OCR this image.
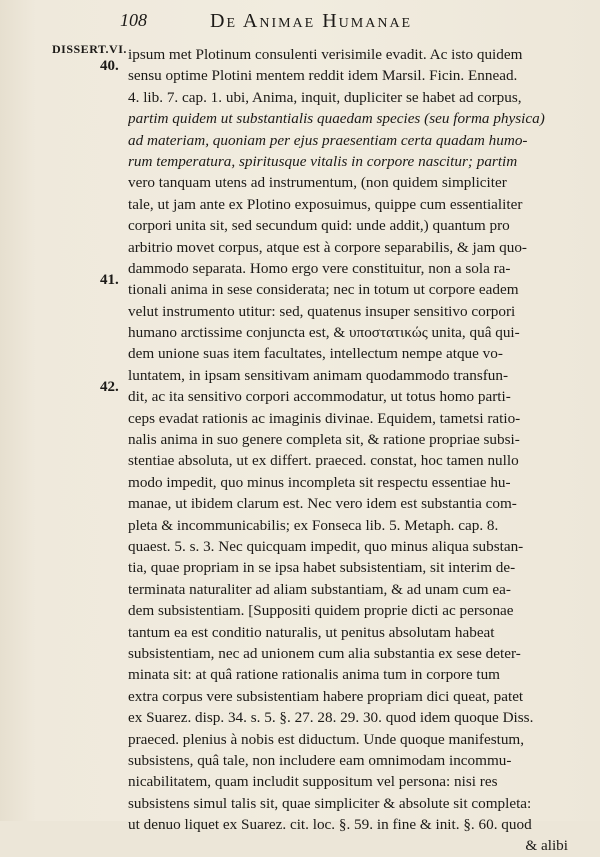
108	De Animae Humanae
DISSERT.VI.
40.
41.
42.
ipsum met Plotinum consulenti verisimile evadit. Ac isto quidem
sensu optime Plotini mentem reddit idem Marsil. Ficin. Ennead.
4. lib. 7. cap. 1. ubi, Anima, inquit, dupliciter se habet ad corpus,
partim quidem ut substantialis quaedam species (seu forma physica)
ad materiam, quoniam per ejus praesentiam certa quadam humo-
rum temperatura, spiritusque vitalis in corpore nascitur; partim
vero tanquam utens ad instrumentum, (non quidem simpliciter
tale, ut jam ante ex Plotino exposuimus, quippe cum essentialiter
corpori unita sit, sed secundum quid: unde addit,) quantum pro
arbitrio movet corpus, atque est à corpore separabilis, & jam quo-
dammodo separata. Homo ergo vere constituitur, non a sola ra-
tionali anima in sese considerata; nec in totum ut corpore eadem
velut instrumento utitur: sed, quatenus insuper sensitivo corpori
humano arctissime conjuncta est, & υποστατικώς unita, quâ qui-
dem unione suas item facultates, intellectum nempe atque vo-
luntatem, in ipsam sensitivam animam quodammodo transfun-
dit, ac ita sensitivo corpori accommodatur, ut totus homo parti-
ceps evadat rationis ac imaginis divinae. Equidem, tametsi ratio-
nalis anima in suo genere completa sit, & ratione propriae subsi-
stentiae absoluta, ut ex differt. praeced. constat, hoc tamen nullo
modo impedit, quo minus incompleta sit respectu essentiae hu-
manae, ut ibidem clarum est. Nec vero idem est substantia com-
pleta & incommunicabilis; ex Fonseca lib. 5. Metaph. cap. 8.
quaest. 5. s. 3. Nec quicquam impedit, quo minus aliqua substan-
tia, quae propriam in se ipsa habet subsistentiam, sit interim de-
terminata naturaliter ad aliam substantiam, & ad unam cum ea-
dem subsistentiam. [Suppositi quidem proprie dicti ac personae
tantum ea est conditio naturalis, ut penitus absolutam habeat
subsistentiam, nec ad unionem cum alia substantia ex sese deter-
minata sit: at quâ ratione rationalis anima tum in corpore tum
extra corpus vere subsistentiam habere propriam dici queat, patet
ex Suarez. disp. 34. s. 5. §. 27. 28. 29. 30. quod idem quoque Diss.
praeced. plenius à nobis est diductum. Unde quoque manifestum,
subsistens, quâ tale, non includere eam omnimodam incommu-
nicabilitatem, quam includit suppositum vel persona: nisi res
subsistens simul talis sit, quae simpliciter & absolute sit completa:
ut denuo liquet ex Suarez. cit. loc. §. 59. in fine & init. §. 60. quod
& alibi
